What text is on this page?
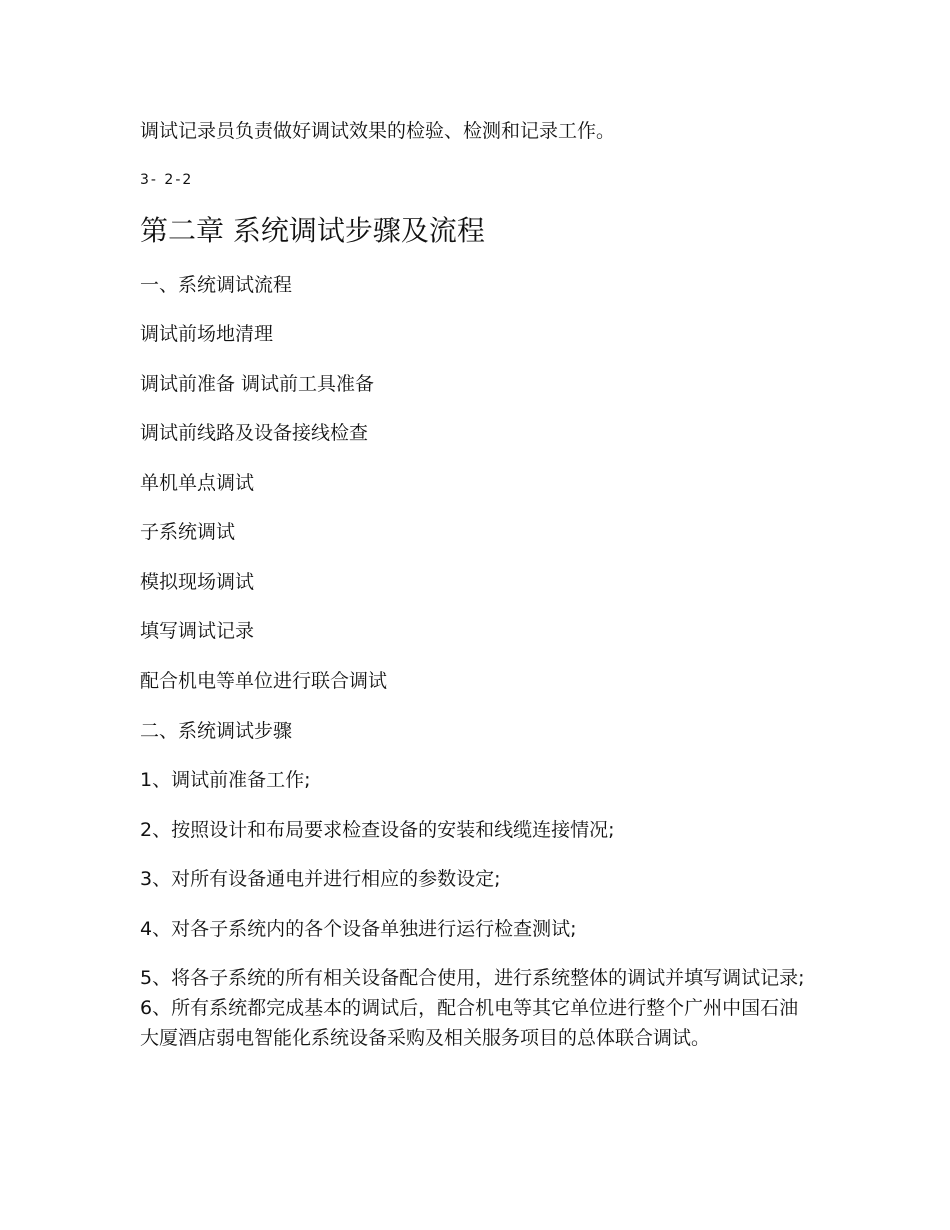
调试记录员负责做好调试效果的检验、检测和记录工作。

3- 2-2

第二章 系统调试步骤及流程

一、系统调试流程

调试前场地清理

调试前准备 调试前工具准备

调试前线路及设备接线检查

单机单点调试

子系统调试

模拟现场调试

填写调试记录

配合机电等单位进行联合调试

二、系统调试步骤

1、调试前准备工作;

2、按照设计和布局要求检查设备的安装和线缆连接情况;

3、对所有设备通电并进行相应的参数设定;

4、对各子系统内的各个设备单独进行运行检查测试;

5、将各子系统的所有相关设备配合使用，进行系统整体的调试并填写调试记录; 6、所有系统都完成基本的调试后，配合机电等其它单位进行整个广州中国石油大厦酒店弱电智能化系统设备采购及相关服务项目的总体联合调试。
